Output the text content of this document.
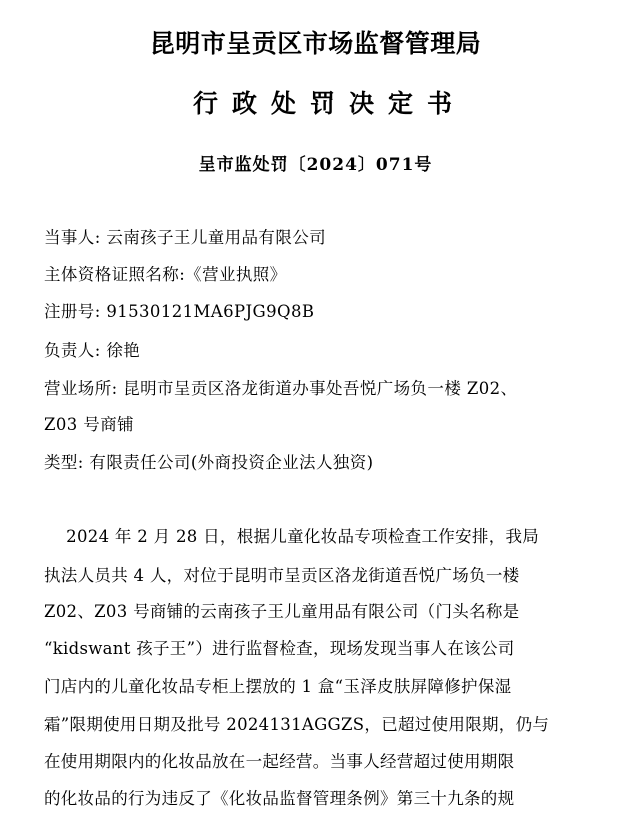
昆明市呈贡区市场监督管理局
行政处罚决定书
呈市监处罚〔2024〕071号
当事人: 云南孩子王儿童用品有限公司
主体资格证照名称:《营业执照》
注册号: 91530121MA6PJG9Q8B
负责人: 徐艳
营业场所: 昆明市呈贡区洛龙街道办事处吾悦广场负一楼 Z02、
Z03 号商铺
类型: 有限责任公司(外商投资企业法人独资)
2024 年 2 月 28 日，根据儿童化妆品专项检查工作安排，我局
执法人员共 4 人，对位于昆明市呈贡区洛龙街道吾悦广场负一楼
Z02、Z03 号商铺的云南孩子王儿童用品有限公司（门头名称是
“kidswant 孩子王”）进行监督检查，现场发现当事人在该公司
门店内的儿童化妆品专柜上摆放的 1 盒“玉泽皮肤屏障修护保湿
霜”限期使用日期及批号 2024131AGGZS，已超过使用限期，仍与
在使用期限内的化妆品放在一起经营。当事人经营超过使用期限
的化妆品的行为违反了《化妆品监督管理条例》第三十九条的规
